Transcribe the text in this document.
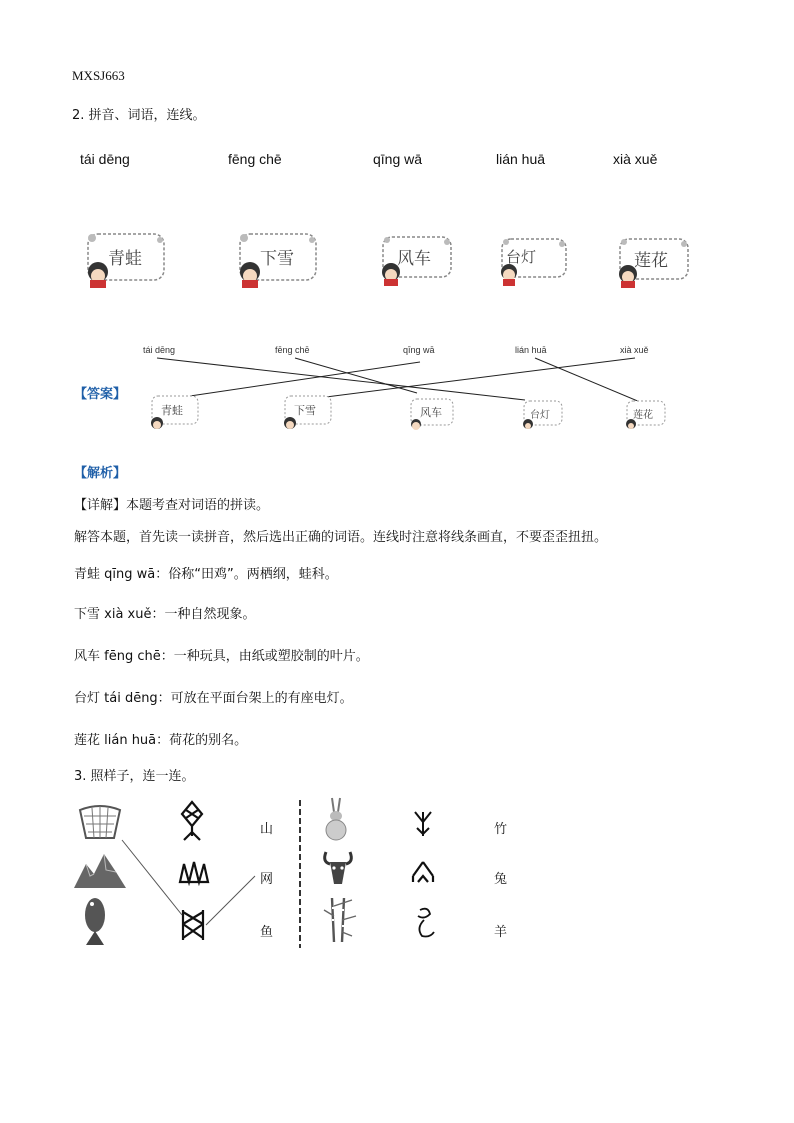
MXSJ663
2. 拼音、词语，连线。
tái dēng	fēng chē	qīng wā	lián huā	xià xuě
青蛙	下雪	风车	台灯	莲花
tái dēng	fēng chē	qīng wā	lián huā	xià xuě
【答案】
青蛙	下雪	风车	台灯	莲花
【解析】
【详解】本题考查对词语的拼读。
解答本题，首先读一读拼音，然后选出正确的词语。连线时注意将线条画直，不要歪歪扭扭。
青蛙 qīng wā：俗称“田鸡”。两栖纲，蛙科。
下雪 xià xuě：一种自然现象。
风车 fēng chē：一种玩具，由纸或塑胶制的叶片。
台灯 tái dēng：可放在平面台架上的有座电灯。
莲花 lián huā：荷花的别名。
3. 照样子，连一连。
山
网
鱼
竹
兔
羊
